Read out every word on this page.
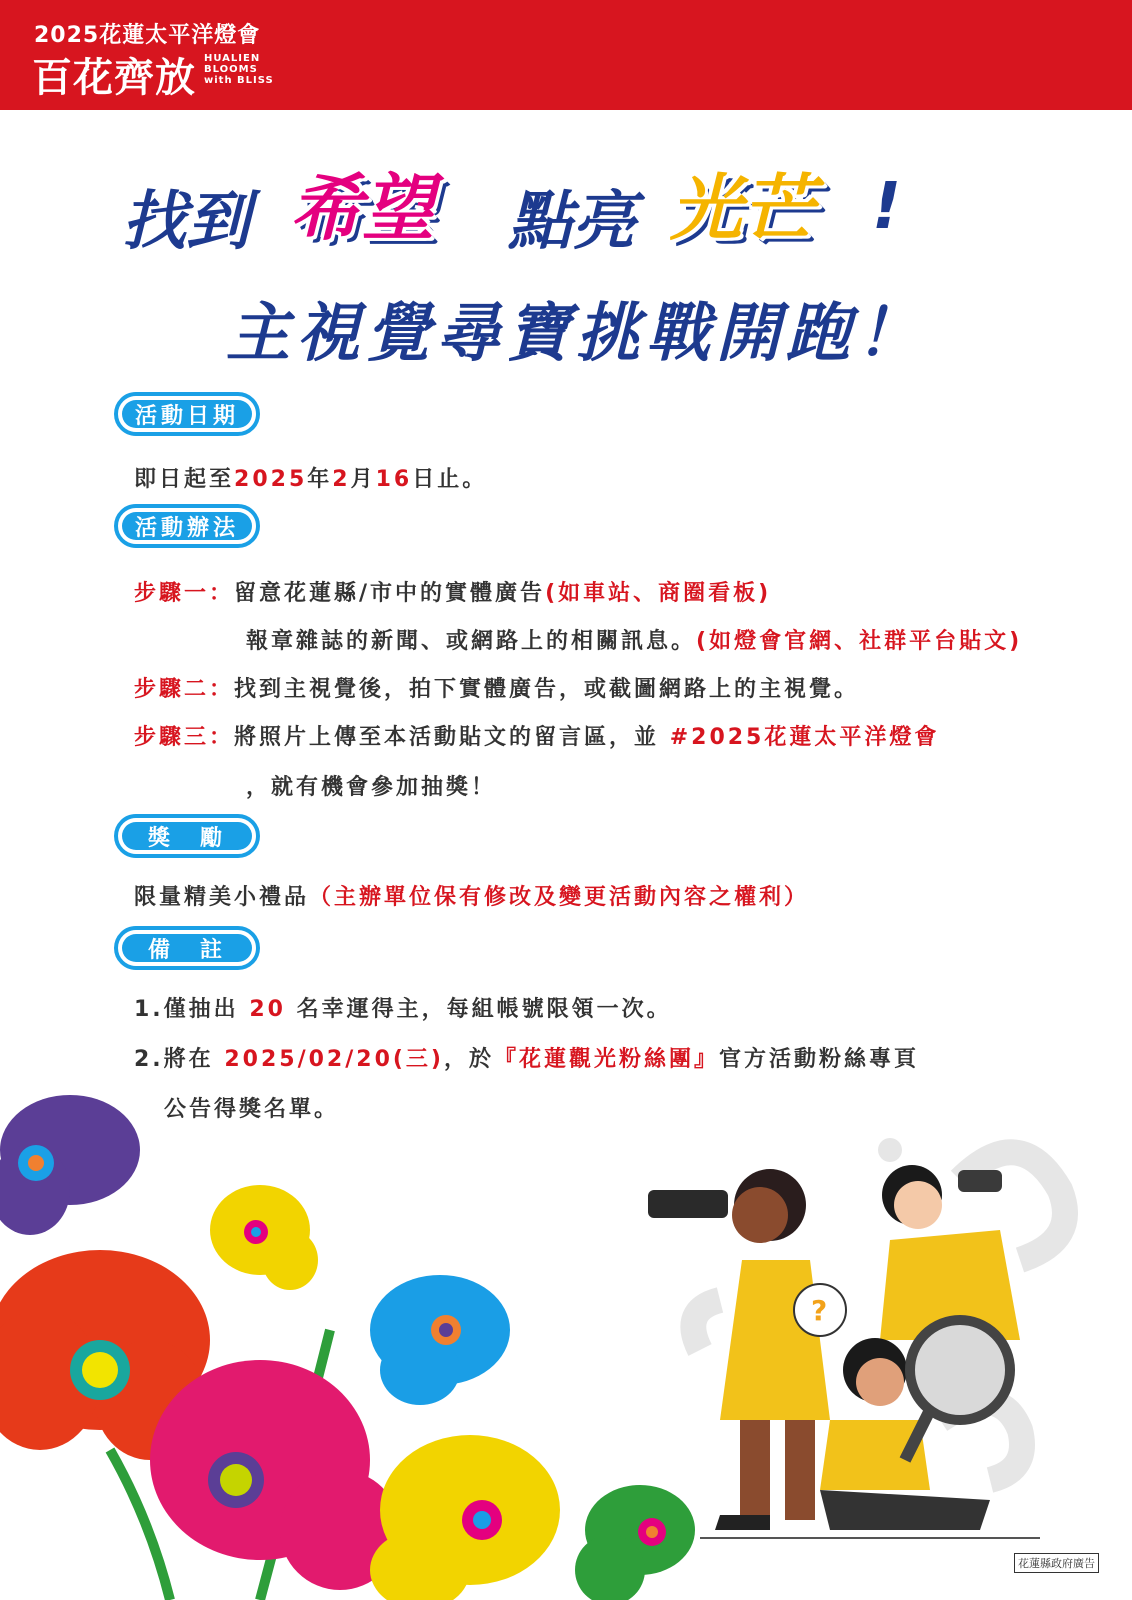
2025花蓮太平洋燈會
百花齊放 HUALIEN
BLOOMS
with BLISS
找到 希望 點亮 光芒 !
主視覺尋寶挑戰開跑！
活動日期
即日起至2025年2月16日止。
活動辦法
步驟一：留意花蓮縣/市中的實體廣告(如車站、商圈看板)
報章雜誌的新聞、或網路上的相關訊息。(如燈會官網、社群平台貼文)
步驟二：找到主視覺後，拍下實體廣告，或截圖網路上的主視覺。
步驟三：將照片上傳至本活動貼文的留言區，並 #2025花蓮太平洋燈會
，就有機會參加抽獎！
獎　勵
限量精美小禮品（主辦單位保有修改及變更活動內容之權利）
備　註
1.僅抽出 20 名幸運得主，每組帳號限領一次。
2.將在 2025/02/20(三)，於『花蓮觀光粉絲團』官方活動粉絲專頁
公告得獎名單。
?
花蓮縣政府廣告
